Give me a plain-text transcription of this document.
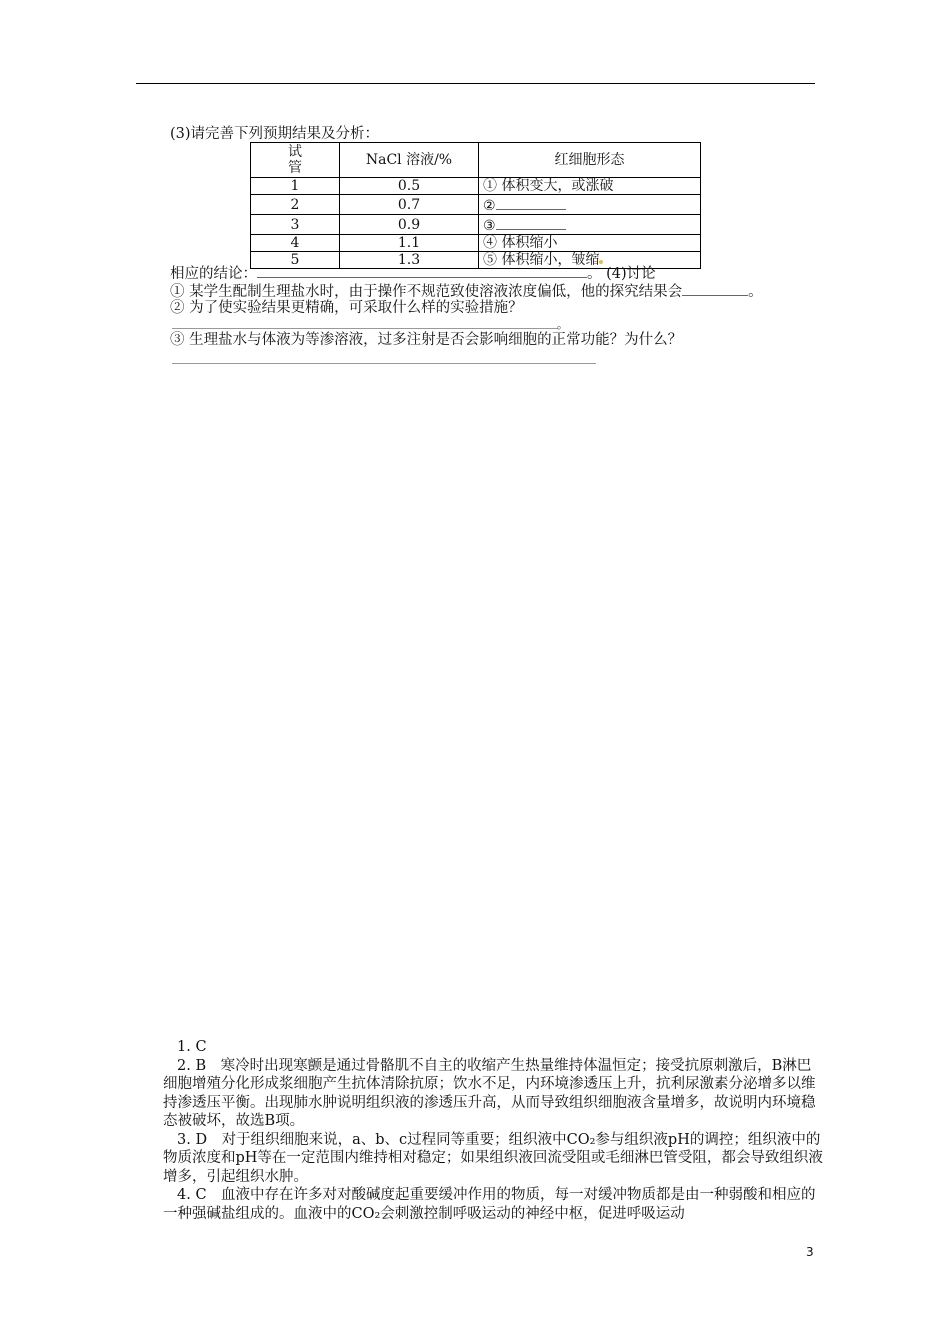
(3)请完善下列预期结果及分析：
试管	NaCl 溶液/%	红细胞形态
1	0.5	① 体积变大，或涨破
2	0.7	②
3	0.9	③
4	1.1	④ 体积缩小
5	1.3	⑤ 体积缩小，皱缩
相应的结论：	。 (4)讨论
① 某学生配制生理盐水时，由于操作不规范致使溶液浓度偏低，他的探究结果会	。
② 为了使实验结果更精确，可采取什么样的实验措施？
。
③ 生理盐水与体液为等渗溶液，过多注射是否会影响细胞的正常功能？为什么？

1. C

2. B　寒冷时出现寒颤是通过骨骼肌不自主的收缩产生热量维持体温恒定；接受抗原刺激后，B淋巴细胞增殖分化形成浆细胞产生抗体清除抗原；饮水不足，内环境渗透压上升，抗利尿激素分泌增多以维持渗透压平衡。出现肺水肿说明组织液的渗透压升高，从而导致组织细胞液含量增多，故说明内环境稳态被破坏，故选B项。

3. D　对于组织细胞来说，a、b、c过程同等重要；组织液中CO₂参与组织液pH的调控；组织液中的物质浓度和pH等在一定范围内维持相对稳定；如果组织液回流受阻或毛细淋巴管受阻，都会导致组织液增多，引起组织水肿。

4. C　血液中存在许多对对酸碱度起重要缓冲作用的物质，每一对缓冲物质都是由一种弱酸和相应的一种强碱盐组成的。血液中的CO₂会刺激控制呼吸运动的神经中枢，促进呼吸运动

3
